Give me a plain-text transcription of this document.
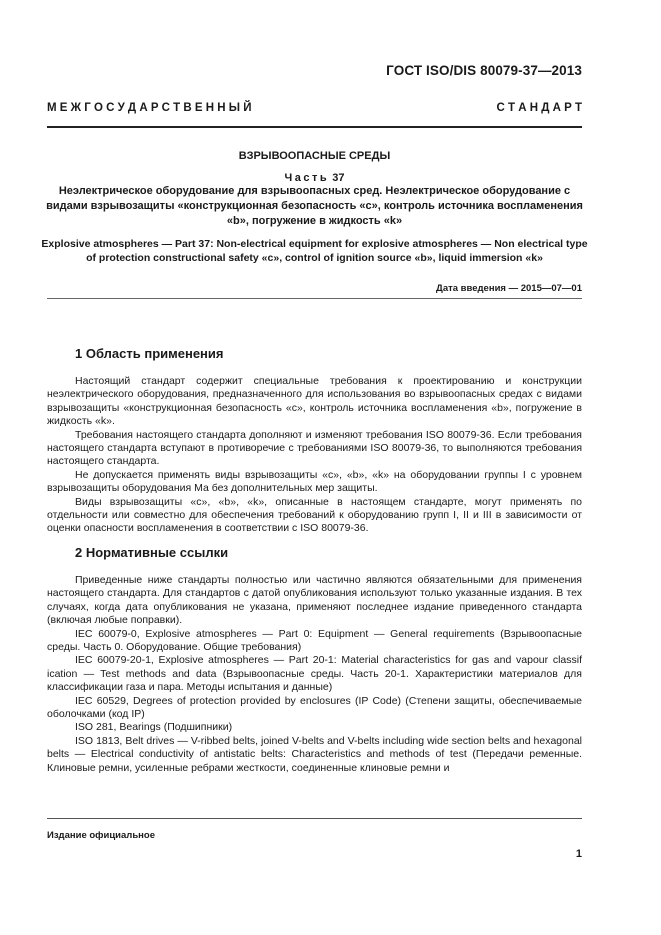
ГОСТ ISO/DIS 80079-37—2013
М Е Ж Г О С У Д А Р С Т В Е Н Н Ы Й	С Т А Н Д А Р Т
ВЗРЫВООПАСНЫЕ СРЕДЫ
Часть 37
Неэлектрическое оборудование для взрывоопасных сред. Неэлектрическое оборудование с видами взрывозащиты «конструкционная безопасность «с», контроль источника воспламенения «b», погружение в жидкость «k»
Explosive atmospheres — Part 37: Non-electrical equipment for explosive atmospheres — Non electrical type of protection constructional safety «c», control of ignition source «b», liquid immersion «k»
Дата введения — 2015—07—01
1 Область применения

Настоящий стандарт содержит специальные требования к проектированию и конструкции неэлектрического оборудования, предназначенного для использования во взрывоопасных средах с видами взрывозащиты «конструкционная безопасность «с», контроль источника воспламенения «b», погружение в жидкость «k».

Требования настоящего стандарта дополняют и изменяют требования ISO 80079-36. Если требования настоящего стандарта вступают в противоречие с требованиями ISO 80079-36, то выполняются требования настоящего стандарта.

Не допускается применять виды взрывозащиты «с», «b», «k» на оборудовании группы I с уровнем взрывозащиты оборудования Ма без дополнительных мер защиты.

Виды взрывозащиты «с», «b», «k», описанные в настоящем стандарте, могут применять по отдельности или совместно для обеспечения требований к оборудованию групп I, II и III в зависимости от оценки опасности воспламенения в соответствии с ISO 80079-36.

2 Нормативные ссылки

Приведенные ниже стандарты полностью или частично являются обязательными для применения настоящего стандарта. Для стандартов с датой опубликования используют только указанные издания. В тех случаях, когда дата опубликования не указана, применяют последнее издание приведенного стандарта (включая любые поправки).

IEC 60079-0, Explosive atmospheres — Part 0: Equipment — General requirements (Взрывоопасные среды. Часть 0. Оборудование. Общие требования)

IEC 60079-20-1, Explosive atmospheres — Part 20-1: Material characteristics for gas and vapour classif ication — Test methods and data (Взрывоопасные среды. Часть 20-1. Характеристики материалов для классификации газа и пара. Методы испытания и данные)

IEC 60529, Degrees of protection provided by enclosures (IP Code) (Степени защиты, обеспечиваемые оболочками (код IP)

ISO 281, Bearings (Подшипники)

ISO 1813, Belt drives — V-ribbed belts, joined V-belts and V-belts including wide section belts and hexagonal belts — Electrical conductivity of antistatic belts: Characteristics and methods of test (Передачи ременные. Клиновые ремни, усиленные ребрами жесткости, соединенные клиновые ремни и

Издание официальное
1
